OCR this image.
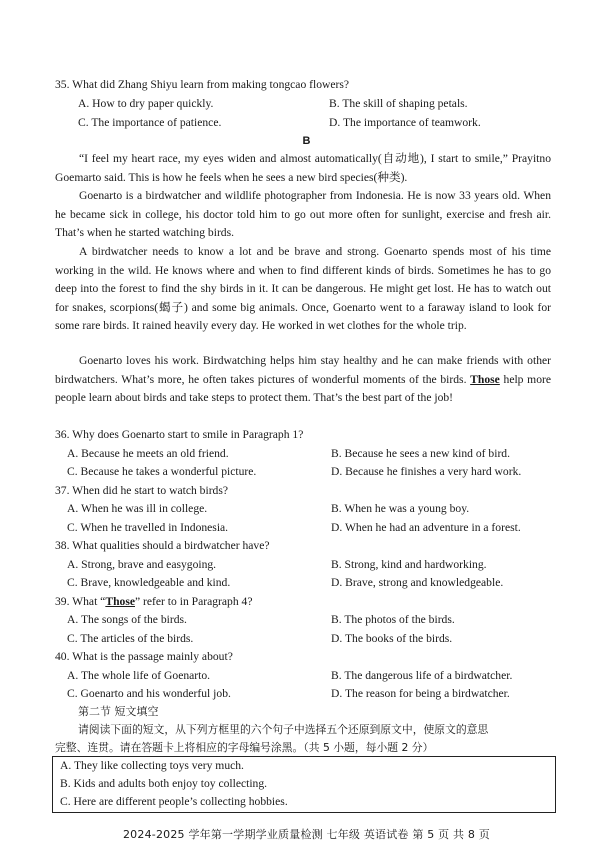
35. What did Zhang Shiyu learn from making tongcao flowers?
A. How to dry paper quickly.	B. The skill of shaping petals.
C. The importance of patience.	D. The importance of teamwork.
B
“I feel my heart race, my eyes widen and almost automatically(自动地), I start to smile,” Prayitno Goemarto said. This is how he feels when he sees a new bird species(种类).
Goenarto is a birdwatcher and wildlife photographer from Indonesia. He is now 33 years old. When he became sick in college, his doctor told him to go out more often for sunlight, exercise and fresh air. That’s when he started watching birds.
A birdwatcher needs to know a lot and be brave and strong. Goenarto spends most of his time working in the wild. He knows where and when to find different kinds of birds. Sometimes he has to go deep into the forest to find the shy birds in it. It can be dangerous. He might get lost. He has to watch out for snakes, scorpions(蝎子) and some big animals. Once, Goenarto went to a faraway island to look for some rare birds. It rained heavily every day. He worked in wet clothes for the whole trip.
Goenarto loves his work. Birdwatching helps him stay healthy and he can make friends with other birdwatchers. What’s more, he often takes pictures of wonderful moments of the birds. Those help more people learn about birds and take steps to protect them. That’s the best part of the job!
36. Why does Goenarto start to smile in Paragraph 1?
A. Because he meets an old friend.	B. Because he sees a new kind of bird.
C. Because he takes a wonderful picture.	D. Because he finishes a very hard work.
37. When did he start to watch birds?
A. When he was ill in college.	B. When he was a young boy.
C. When he travelled in Indonesia.	D. When he had an adventure in a forest.
38. What qualities should a birdwatcher have?
A. Strong, brave and easygoing.	B. Strong, kind and hardworking.
C. Brave, knowledgeable and kind.	D. Brave, strong and knowledgeable.
39. What “Those” refer to in Paragraph 4?
A. The songs of the birds.	B. The photos of the birds.
C. The articles of the birds.	D. The books of the birds.
40. What is the passage mainly about?
A. The whole life of Goenarto.	B. The dangerous life of a birdwatcher.
C. Goenarto and his wonderful job.	D. The reason for being a birdwatcher.
第二节 短文填空
请阅读下面的短文，从下列方框里的六个句子中选择五个还原到原文中，使原文的意思
完整、连贯。请在答题卡上将相应的字母编号涂黑。（共 5 小题，每小题 2 分）
A. They like collecting toys very much.
B. Kids and adults both enjoy toy collecting.
C. Here are different people’s collecting hobbies.
2024-2025 学年第一学期学业质量检测 七年级 英语试卷 第 5 页 共 8 页
